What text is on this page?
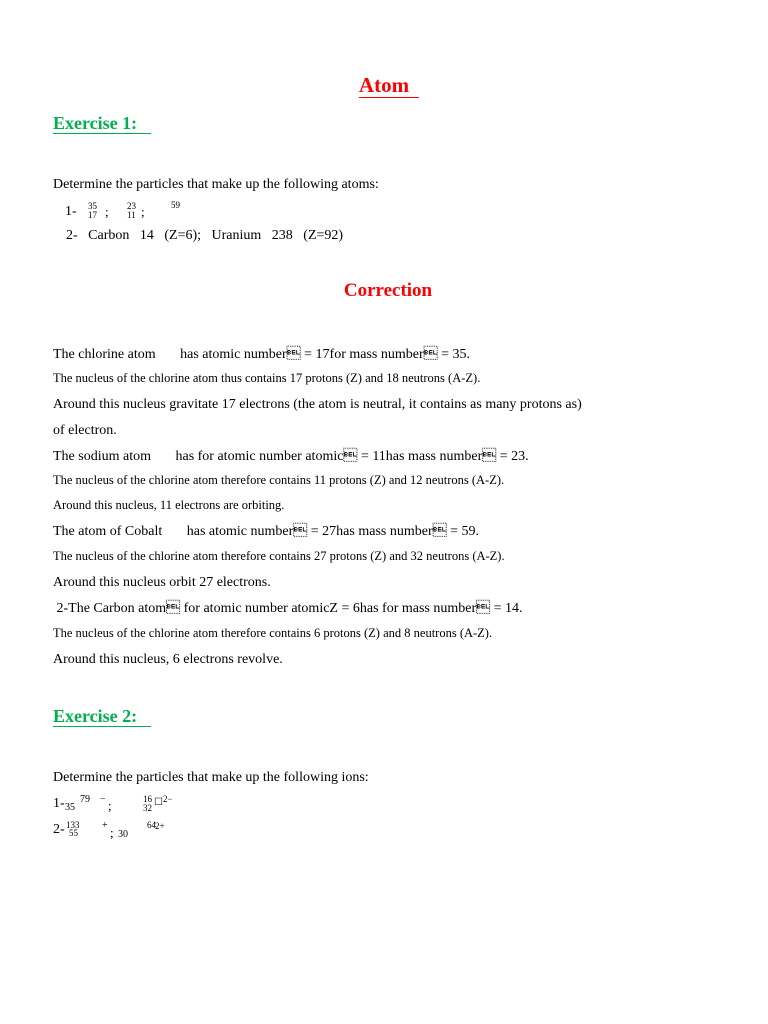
Atom
Exercise 1:
Determine the particles that make up the following atoms:
1- 35
17 ; 23
11 ;	59
2-   Carbon   14   (Z=6);   Uranium   238   (Z=92)
Correction
The chlorine atom       has atomic number = 17for mass number = 35.
The nucleus of the chlorine atom thus contains 17 protons (Z) and 18 neutrons (A-Z).
Around this nucleus gravitate 17 electrons (the atom is neutral, it contains as many protons as)
of electron.
The sodium atom       has for atomic number atomic = 11has mass number = 23.
The nucleus of the chlorine atom therefore contains 11 protons (Z) and 12 neutrons (A-Z).
Around this nucleus, 11 electrons are orbiting.
The atom of Cobalt       has atomic number = 27has mass number = 59.
The nucleus of the chlorine atom therefore contains 27 protons (Z) and 32 neutrons (A-Z).
Around this nucleus orbit 27 electrons.
2-The Carbon atom for atomic number atomicZ = 6has for mass number = 14.
The nucleus of the chlorine atom therefore contains 6 protons (Z) and 8 neutrons (A-Z).
Around this nucleus, 6 electrons revolve.
Exercise 2:
Determine the particles that make up the following ions:
1- 35
79 − ;	16
32 ☐ 2−
2- 133
55
+ ; 30
64 2+
